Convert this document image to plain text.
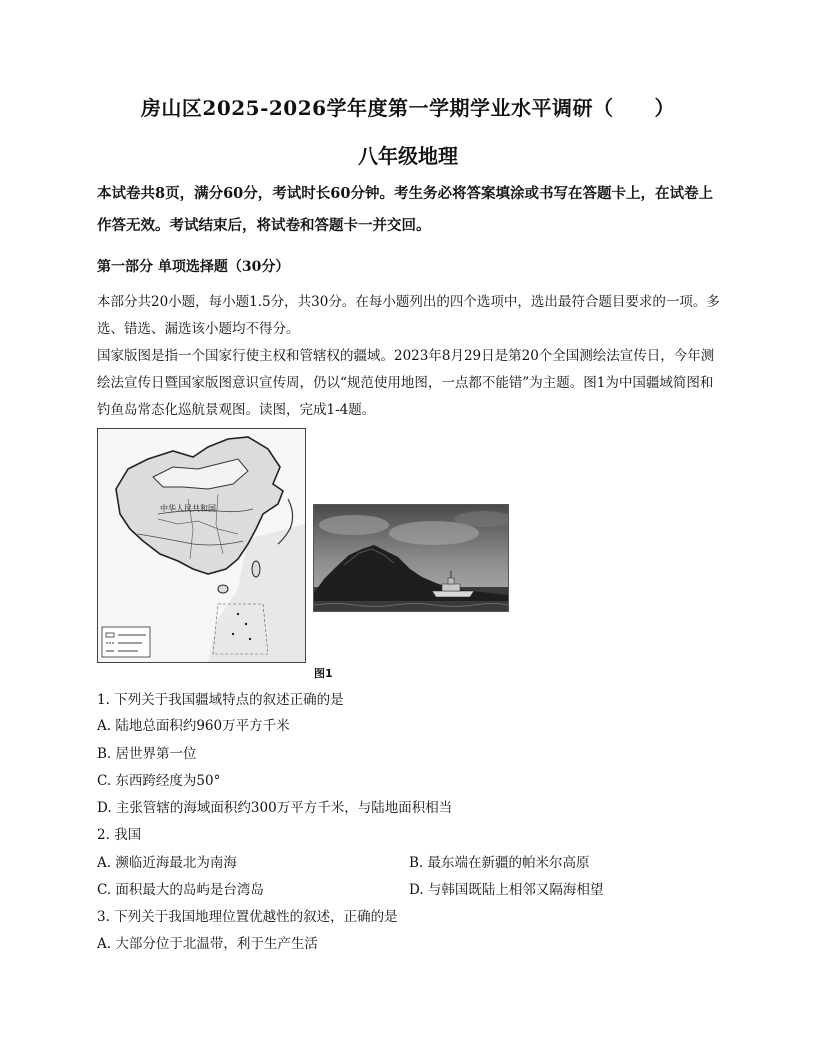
房山区2025-2026学年度第一学期学业水平调研（　　）
八年级地理
本试卷共8页，满分60分，考试时长60分钟。考生务必将答案填涂或书写在答题卡上，在试卷上作答无效。考试结束后，将试卷和答题卡一并交回。
第一部分 单项选择题（30分）
本部分共20小题，每小题1.5分，共30分。在每小题列出的四个选项中，选出最符合题目要求的一项。多选、错选、漏选该小题均不得分。
国家版图是指一个国家行使主权和管辖权的疆域。2023年8月29日是第20个全国测绘法宣传日，今年测绘法宣传日暨国家版图意识宣传周，仍以“规范使用地图，一点都不能错”为主题。图1为中国疆域简图和钓鱼岛常态化巡航景观图。读图，完成1-4题。
中华人民共和国
图1
1. 下列关于我国疆域特点的叙述正确的是
A. 陆地总面积约960万平方千米
B. 居世界第一位
C. 东西跨经度为50°
D. 主张管辖的海域面积约300万平方千米，与陆地面积相当
2. 我国
A. 濒临近海最北为南海	B. 最东端在新疆的帕米尔高原
C. 面积最大的岛屿是台湾岛	D. 与韩国既陆上相邻又隔海相望
3. 下列关于我国地理位置优越性的叙述，正确的是
A. 大部分位于北温带，利于生产生活
